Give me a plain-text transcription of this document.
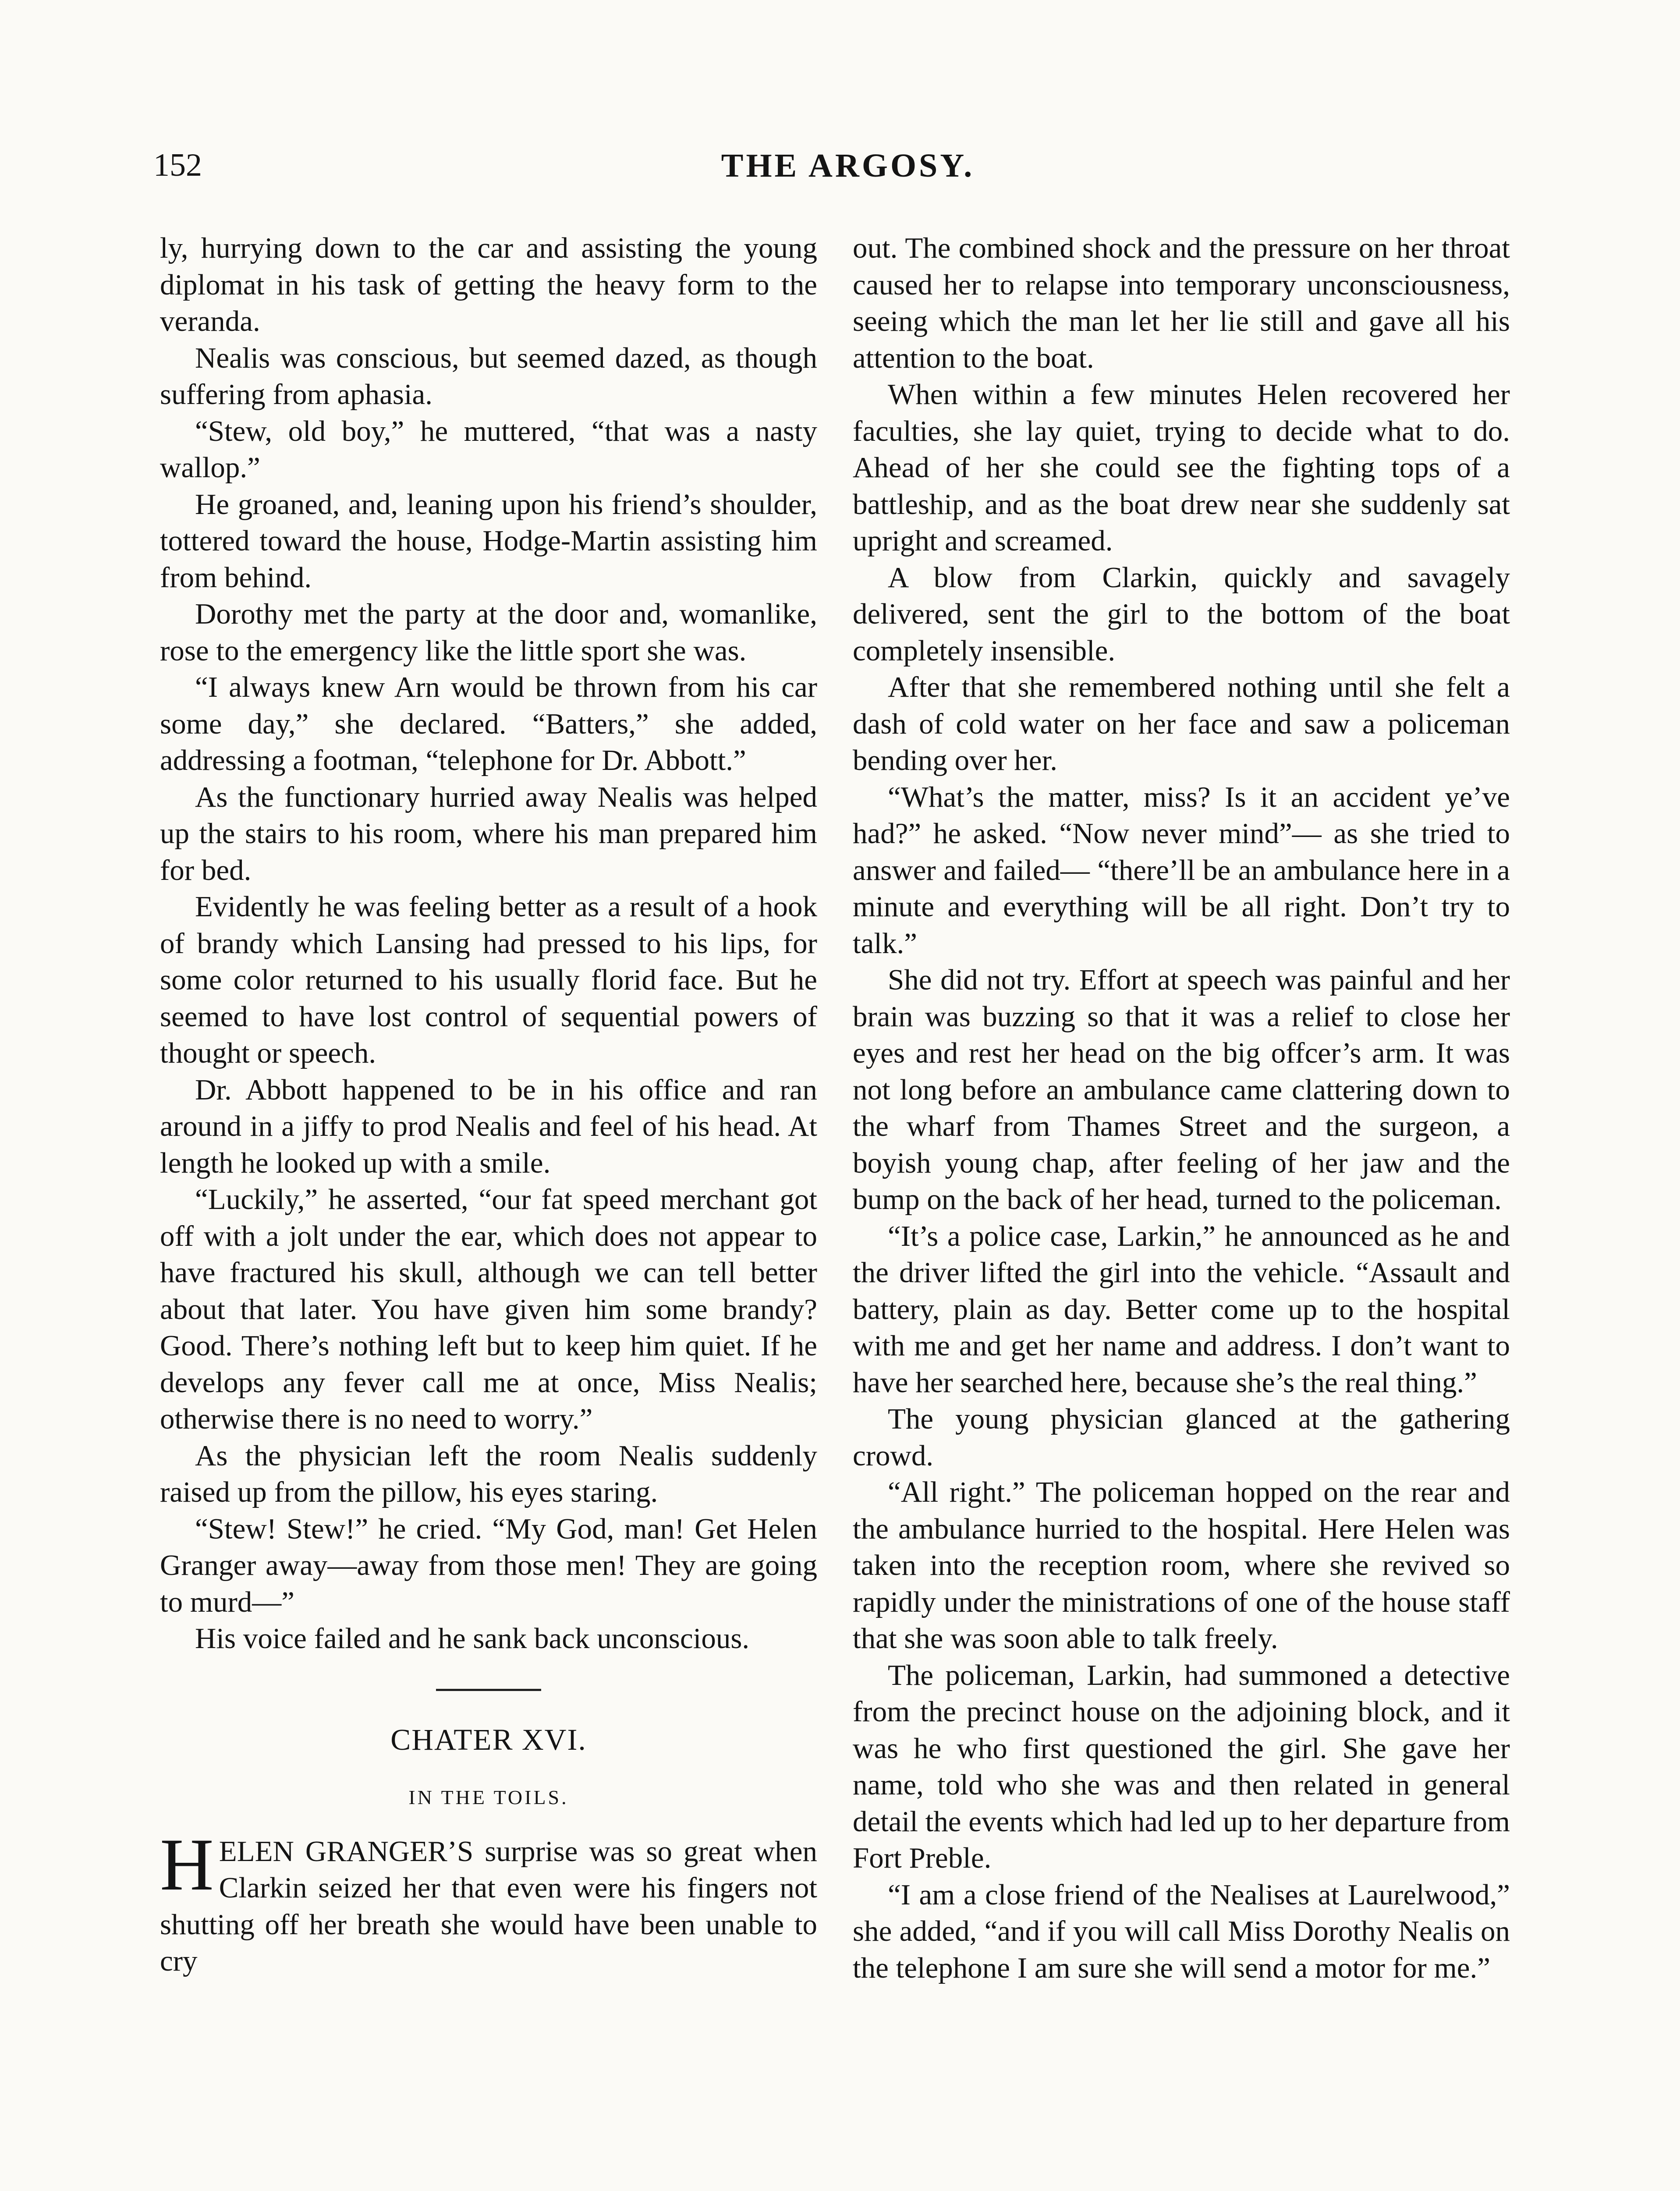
152	THE ARGOSY.

ly, hurrying down to the car and assisting the young diplomat in his task of getting the heavy form to the veranda.

Nealis was conscious, but seemed dazed, as though suffering from aphasia.

“Stew, old boy,” he muttered, “that was a nasty wallop.”

He groaned, and, leaning upon his friend’s shoulder, tottered toward the house, Hodge-Martin assisting him from behind.

Dorothy met the party at the door and, womanlike, rose to the emergency like the little sport she was.

“I always knew Arn would be thrown from his car some day,” she declared. “Batters,” she added, addressing a footman, “telephone for Dr. Abbott.”

As the functionary hurried away Nealis was helped up the stairs to his room, where his man prepared him for bed.

Evidently he was feeling better as a result of a hook of brandy which Lansing had pressed to his lips, for some color returned to his usually florid face. But he seemed to have lost control of sequential powers of thought or speech.

Dr. Abbott happened to be in his office and ran around in a jiffy to prod Nealis and feel of his head. At length he looked up with a smile.

“Luckily,” he asserted, “our fat speed merchant got off with a jolt under the ear, which does not appear to have fractured his skull, although we can tell better about that later. You have given him some brandy? Good. There’s nothing left but to keep him quiet. If he develops any fever call me at once, Miss Nealis; otherwise there is no need to worry.”

As the physician left the room Nealis suddenly raised up from the pillow, his eyes staring.

“Stew! Stew!” he cried. “My God, man! Get Helen Granger away—away from those men! They are going to murd—”

His voice failed and he sank back unconscious.

CHATER XVI.
IN THE TOILS.

HELEN GRANGER’S surprise was so great when Clarkin seized her that even were his fingers not shutting off her breath she would have been unable to cry

out. The combined shock and the pressure on her throat caused her to relapse into temporary unconsciousness, seeing which the man let her lie still and gave all his attention to the boat.

When within a few minutes Helen recovered her faculties, she lay quiet, trying to decide what to do. Ahead of her she could see the fighting tops of a battleship, and as the boat drew near she suddenly sat upright and screamed.

A blow from Clarkin, quickly and savagely delivered, sent the girl to the bottom of the boat completely insensible.

After that she remembered nothing until she felt a dash of cold water on her face and saw a policeman bending over her.

“What’s the matter, miss? Is it an accident ye’ve had?” he asked. “Now never mind”— as she tried to answer and failed— “there’ll be an ambulance here in a minute and everything will be all right. Don’t try to talk.”

She did not try. Effort at speech was painful and her brain was buzzing so that it was a relief to close her eyes and rest her head on the big offcer’s arm. It was not long before an ambulance came clattering down to the wharf from Thames Street and the surgeon, a boyish young chap, after feeling of her jaw and the bump on the back of her head, turned to the policeman.

“It’s a police case, Larkin,” he announced as he and the driver lifted the girl into the vehicle. “Assault and battery, plain as day. Better come up to the hospital with me and get her name and address. I don’t want to have her searched here, because she’s the real thing.”

The young physician glanced at the gathering crowd.

“All right.” The policeman hopped on the rear and the ambulance hurried to the hospital. Here Helen was taken into the reception room, where she revived so rapidly under the ministrations of one of the house staff that she was soon able to talk freely.

The policeman, Larkin, had summoned a detective from the precinct house on the adjoining block, and it was he who first questioned the girl. She gave her name, told who she was and then related in general detail the events which had led up to her departure from Fort Preble.

“I am a close friend of the Nealises at Laurelwood,” she added, “and if you will call Miss Dorothy Nealis on the telephone I am sure she will send a motor for me.”
